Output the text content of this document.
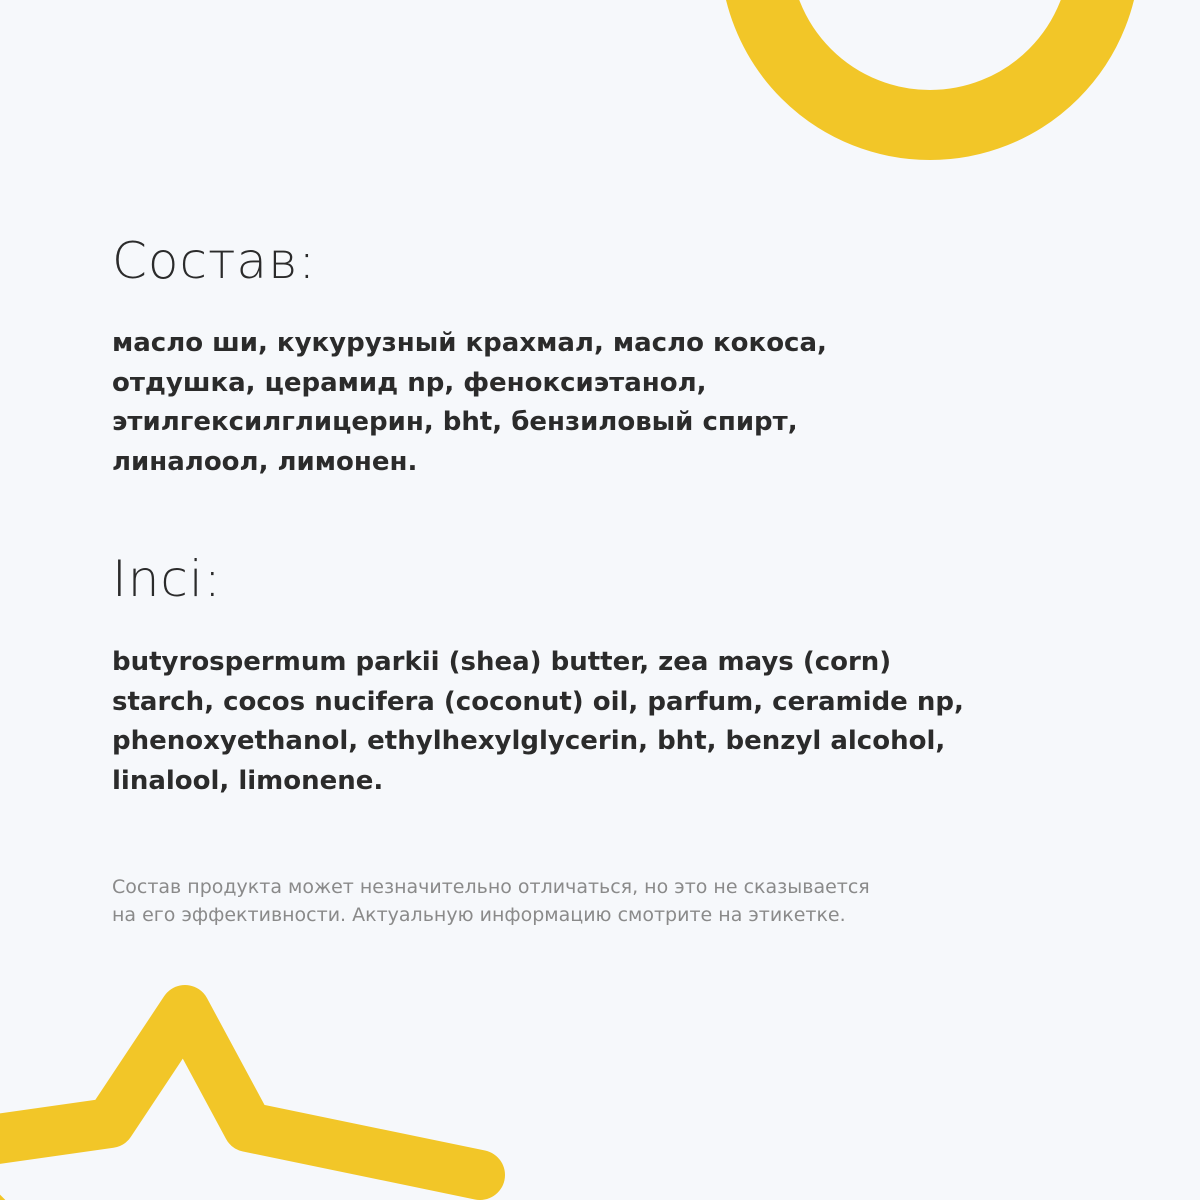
Состав:

масло ши, кукурузный крахмал, масло кокоса,
отдушка, церамид np, феноксиэтанол,
этилгексилглицерин, bht, бензиловый спирт,
линалоол, лимонен.

Inci:

butyrospermum parkii (shea) butter, zea mays (corn)
starch, cocos nucifera (coconut) oil, parfum, ceramide np,
phenoxyethanol, ethylhexylglycerin, bht, benzyl alcohol,
linalool, limonene.

Состав продукта может незначительно отличаться, но это не сказывается
на его эффективности. Актуальную информацию смотрите на этикетке.
